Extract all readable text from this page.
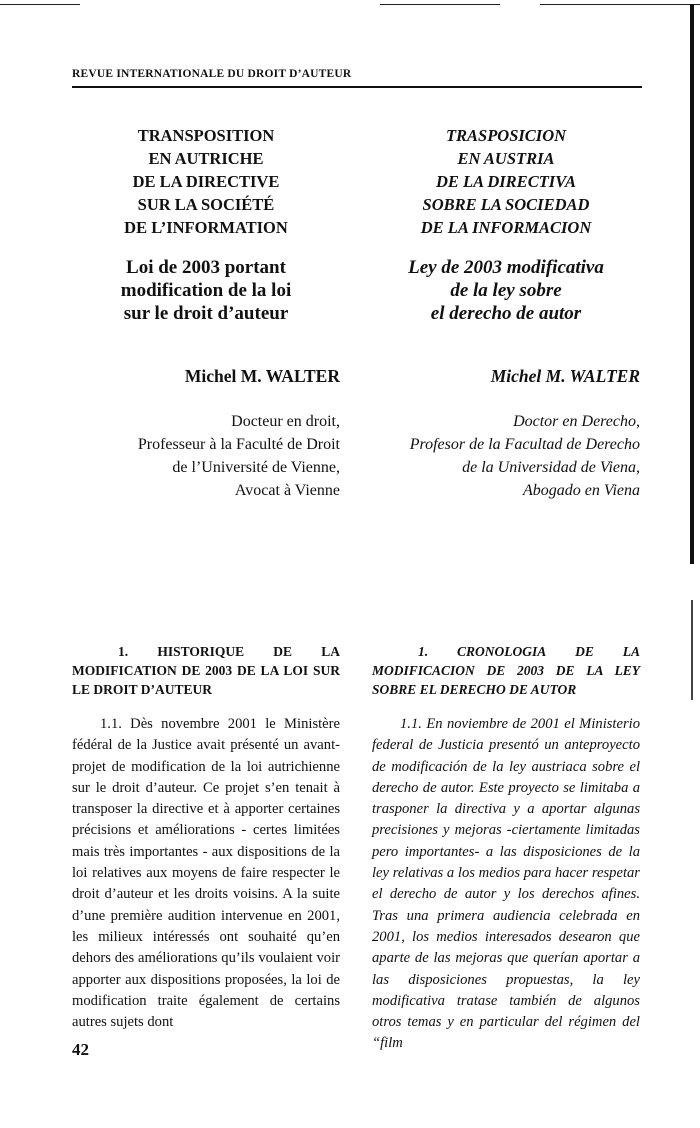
REVUE INTERNATIONALE DU DROIT D’AUTEUR
TRANSPOSITION
EN AUTRICHE
DE LA DIRECTIVE
SUR LA SOCIÉTÉ
DE L’INFORMATION
TRASPOSICION
EN AUSTRIA
DE LA DIRECTIVA
SOBRE LA SOCIEDAD
DE LA INFORMACION
Loi de 2003 portant
modification de la loi
sur le droit d’auteur
Ley de 2003 modificativa
de la ley sobre
el derecho de autor
Michel M. WALTER	Michel M. WALTER
Docteur en droit,
Professeur à la Faculté de Droit
de l’Université de Vienne,
Avocat à Vienne
Doctor en Derecho,
Profesor de la Facultad de Derecho
de la Universidad de Viena,
Abogado en Viena
1. HISTORIQUE DE LA
MODIFICATION DE 2003 DE LA LOI SUR LE DROIT D’AUTEUR
1. CRONOLOGIA DE LA
MODIFICACION DE 2003 DE LA LEY SOBRE EL DERECHO DE AUTOR
1.1. Dès novembre 2001 le Ministère fédéral de la Justice avait présenté un avant-projet de modification de la loi autrichienne sur le droit d’auteur. Ce projet s’en tenait à transposer la directive et à apporter certaines précisions et améliorations - certes limitées mais très importantes - aux dispositions de la loi relatives aux moyens de faire respecter le droit d’auteur et les droits voisins. A la suite d’une première audition intervenue en 2001, les milieux intéressés ont souhaité qu’en dehors des améliorations qu’ils voulaient voir apporter aux dispositions proposées, la loi de modification traite également de certains autres sujets dont
1.1. En noviembre de 2001 el Ministerio federal de Justicia presentó un anteproyecto de modificación de la ley austriaca sobre el derecho de autor. Este proyecto se limitaba a trasponer la directiva y a aportar algunas precisiones y mejoras -ciertamente limitadas pero importantes- a las disposiciones de la ley relativas a los medios para hacer respetar el derecho de autor y los derechos afines. Tras una primera audiencia celebrada en 2001, los medios interesados desearon que aparte de las mejoras que querían aportar a las disposiciones propuestas, la ley modificativa tratase también de algunos otros temas y en particular del régimen del “film
42
